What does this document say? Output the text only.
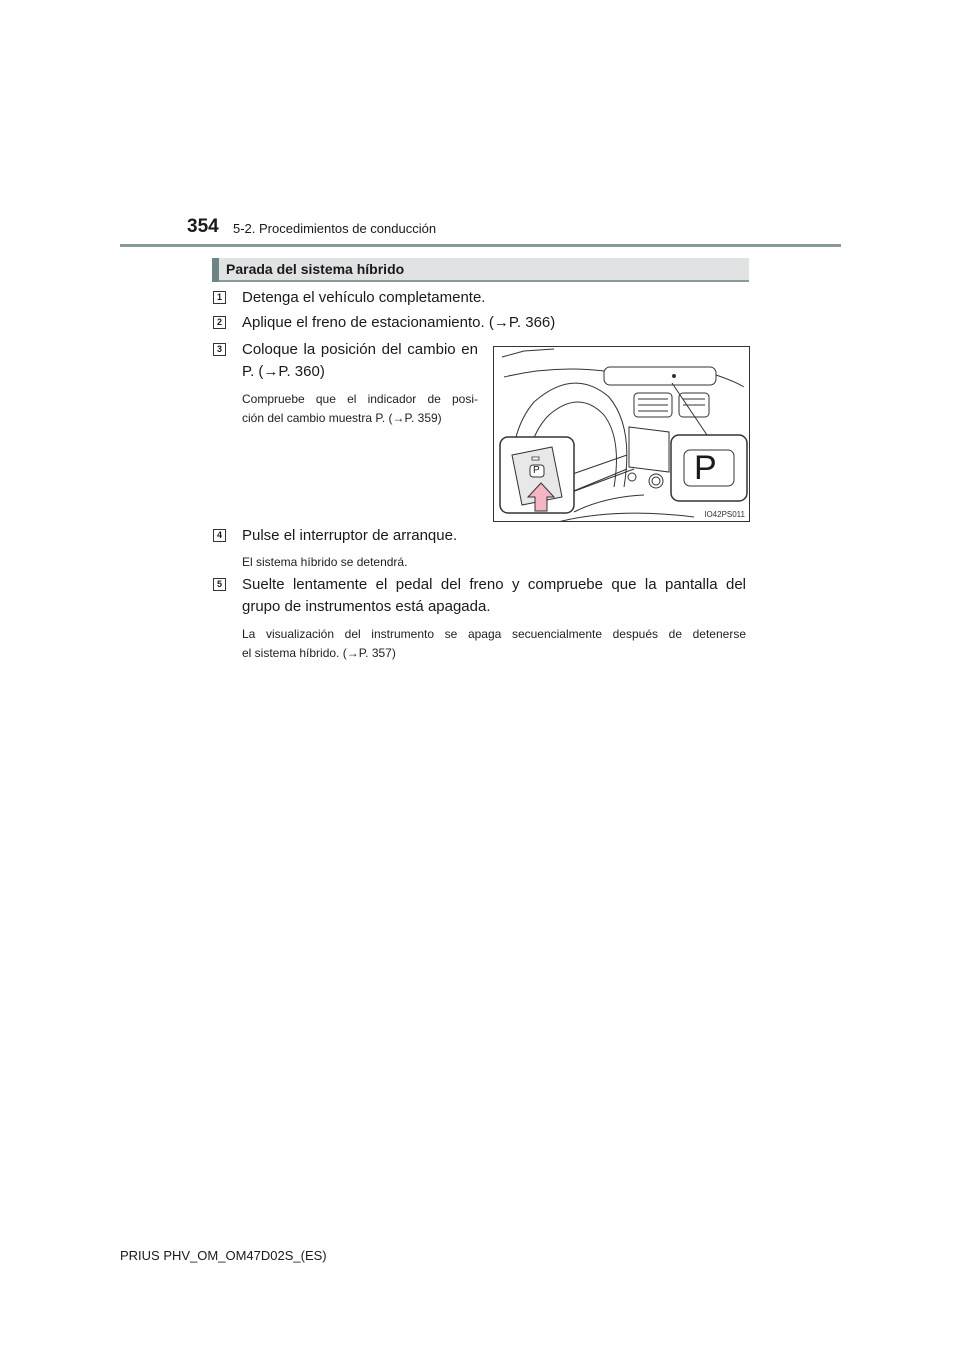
354 5-2. Procedimientos de conducción
Parada del sistema híbrido
1 Detenga el vehículo completamente.
2 Aplique el freno de estacionamiento. (→P. 366)
3 Coloque la posición del cambio en
P. (→P. 360)
Compruebe que el indicador de posi-
ción del cambio muestra P. (→P. 359)
P	P
IO42PS011
4 Pulse el interruptor de arranque.
El sistema híbrido se detendrá.
5 Suelte lentamente el pedal del freno y compruebe que la pantalla del
grupo de instrumentos está apagada.
La visualización del instrumento se apaga secuencialmente después de detenerse
el sistema híbrido. (→P. 357)
PRIUS PHV_OM_OM47D02S_(ES)
